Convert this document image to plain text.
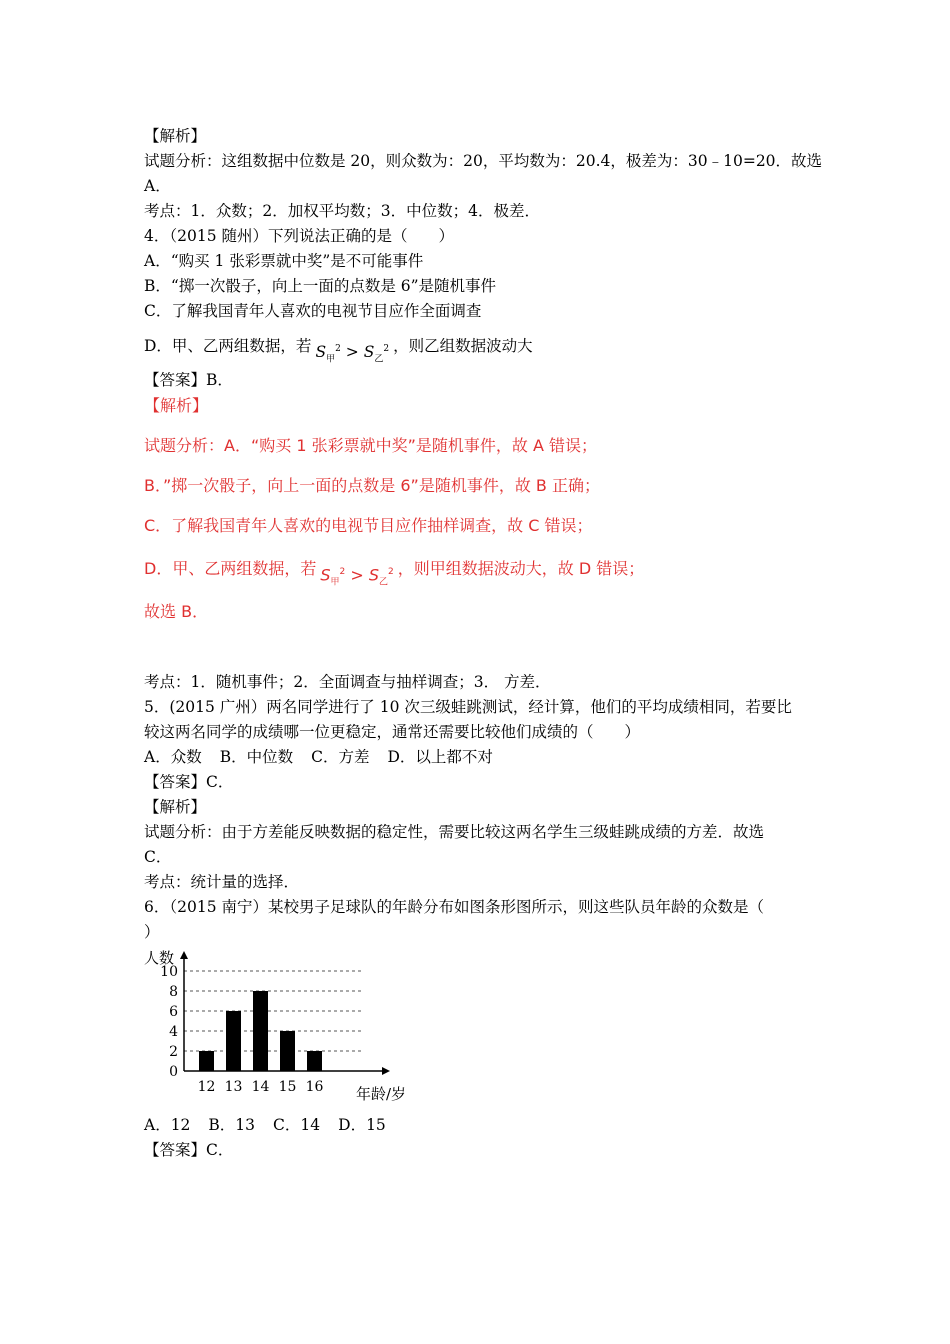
【解析】
试题分析：这组数据中位数是 20，则众数为：20，平均数为：20.4，极差为：30﹣10=20．故选
A．
考点：1．众数；2．加权平均数；3．中位数；4．极差．
4．（2015 随州）下列说法正确的是（　　）
A．“购买 1 张彩票就中奖”是不可能事件
B．“掷一次骰子，向上一面的点数是 6”是随机事件
C．了解我国青年人喜欢的电视节目应作全面调查
D．甲、乙两组数据，若 $S_甲^2 > S_乙^2$ ，则乙组数据波动大
【答案】B．
【解析】
试题分析：A．“购买 1 张彩票就中奖”是随机事件，故 A 错误；
B．”掷一次骰子，向上一面的点数是 6”是随机事件，故 B 正确；
C．了解我国青年人喜欢的电视节目应作抽样调查，故 C 错误；
D．甲、乙两组数据，若 $S_甲^2 > S_乙^2$ ，则甲组数据波动大，故 D 错误；
故选 B．
考点：1．随机事件；2．全面调查与抽样调查；3． 方差．
5．(2015 广州）两名同学进行了 10 次三级蛙跳测试，经计算，他们的平均成绩相同，若要比
较这两名同学的成绩哪一位更稳定，通常还需要比较他们成绩的（　　）
A．众数 B．中位数 C．方差 D．以上都不对
【答案】C．
【解析】
试题分析：由于方差能反映数据的稳定性，需要比较这两名学生三级蛙跳成绩的方差．故选
C．
考点：统计量的选择．
6．（2015 南宁）某校男子足球队的年龄分布如图条形图所示，则这些队员年龄的众数是（
）
人数
年龄/岁
0
2
4
6
8
10
12 13 14 15 16
A．12 B．13 C．14 D．15
【答案】C．
